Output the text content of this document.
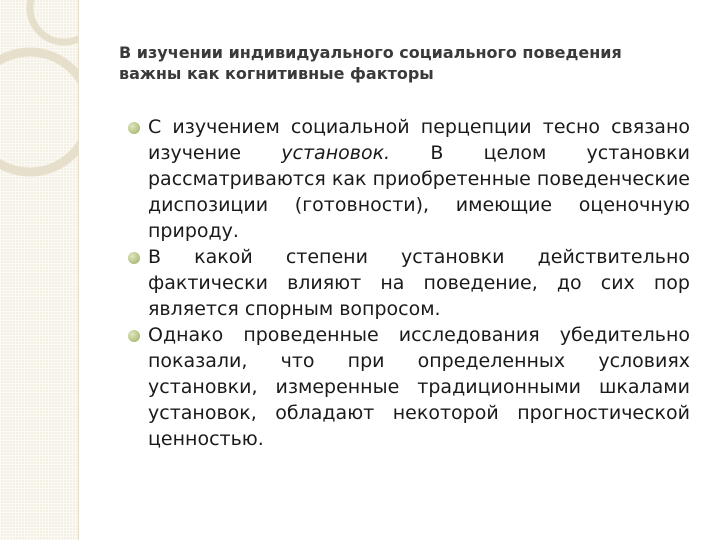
В изучении индивидуального социального поведения важны как когнитивные факторы
С изучением социальной перцепции тесно связано изучение установок. В целом установки рассматриваются как приобретенные поведенческие диспозиции (готовности), имеющие оценочную природу.
В какой степени установки действительно фактически влияют на поведение, до сих пор является спорным вопросом.
Однако проведенные исследования убедительно показали, что при определенных условиях установки, измеренные традиционными шкалами установок, обладают некоторой прогностической ценностью.
